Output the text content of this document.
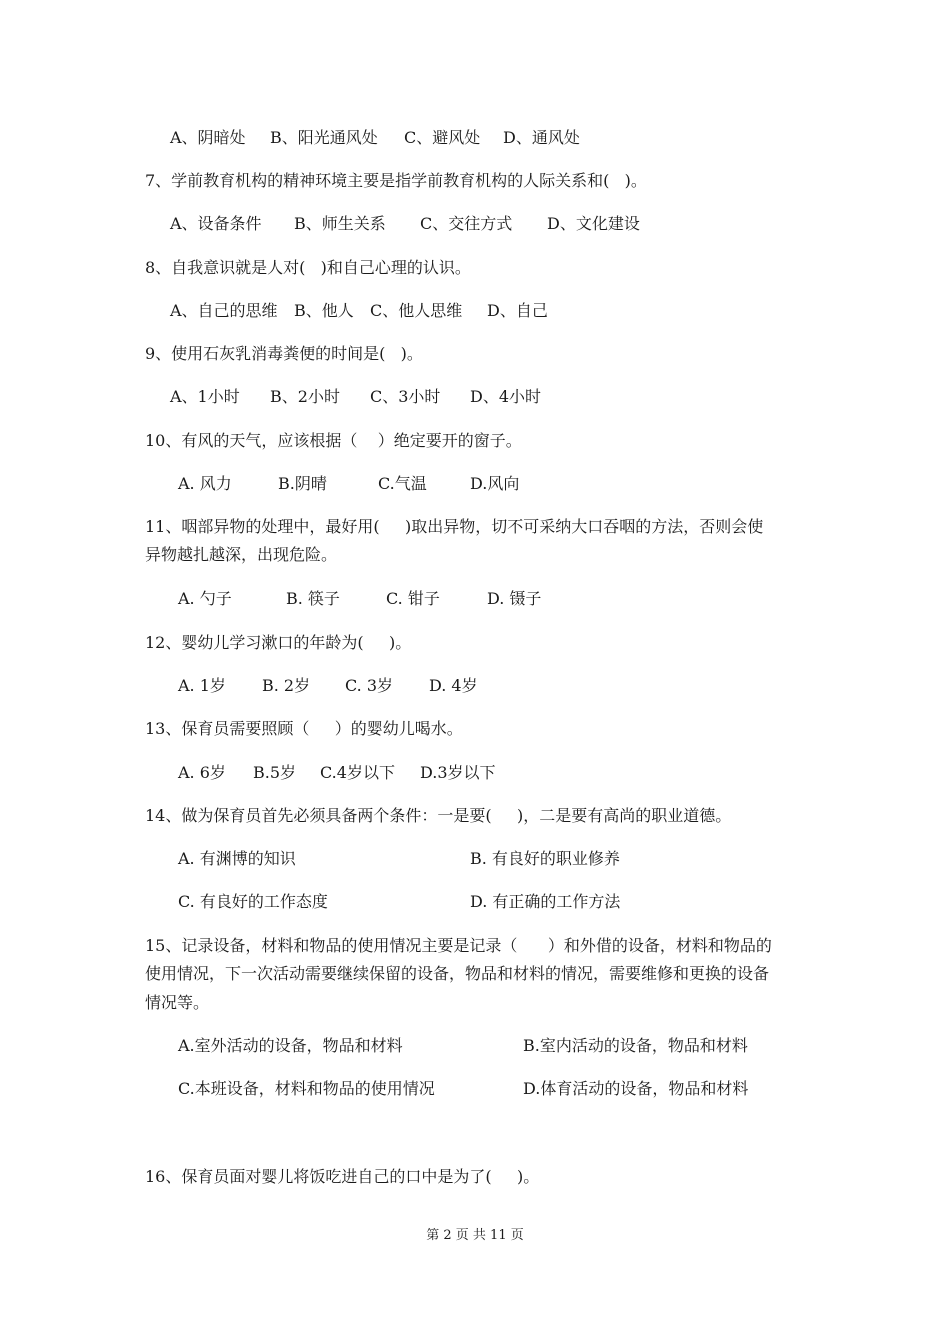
A、阴暗处 B、阳光通风处 C、避风处 D、通风处
7、学前教育机构的精神环境主要是指学前教育机构的人际关系和(   )。
A、设备条件 B、师生关系 C、交往方式 D、文化建设
8、自我意识就是人对(   )和自己心理的认识。
A、自己的思维 B、他人 C、他人思维 D、自己
9、使用石灰乳消毒粪便的时间是(   )。
A、1小时 B、2小时 C、3小时 D、4小时
10、有风的天气，应该根据（    ）绝定要开的窗子。
A. 风力	B.阴晴	C.气温	D.风向
11、咽部异物的处理中，最好用(     )取出异物，切不可采纳大口吞咽的方法，否则会使
异物越扎越深，出现危险。
A. 勺子	B. 筷子	C. 钳子	D. 镊子
12、婴幼儿学习漱口的年龄为(     )。
A. 1岁 B. 2岁 C. 3岁 D. 4岁
13、保育员需要照顾（     ）的婴幼儿喝水。
A. 6岁 B.5岁 C.4岁以下 D.3岁以下
14、做为保育员首先必须具备两个条件：一是要(     )，二是要有高尚的职业道德。
A. 有渊博的知识	B. 有良好的职业修养
C. 有良好的工作态度	D. 有正确的工作方法
15、记录设备，材料和物品的使用情况主要是记录（      ）和外借的设备，材料和物品的
使用情况，下一次活动需要继续保留的设备，物品和材料的情况，需要维修和更换的设备
情况等。
A.室外活动的设备，物品和材料	B.室内活动的设备，物品和材料
C.本班设备，材料和物品的使用情况	D.体育活动的设备，物品和材料
16、保育员面对婴儿将饭吃进自己的口中是为了(     )。
第 2 页 共 11 页
